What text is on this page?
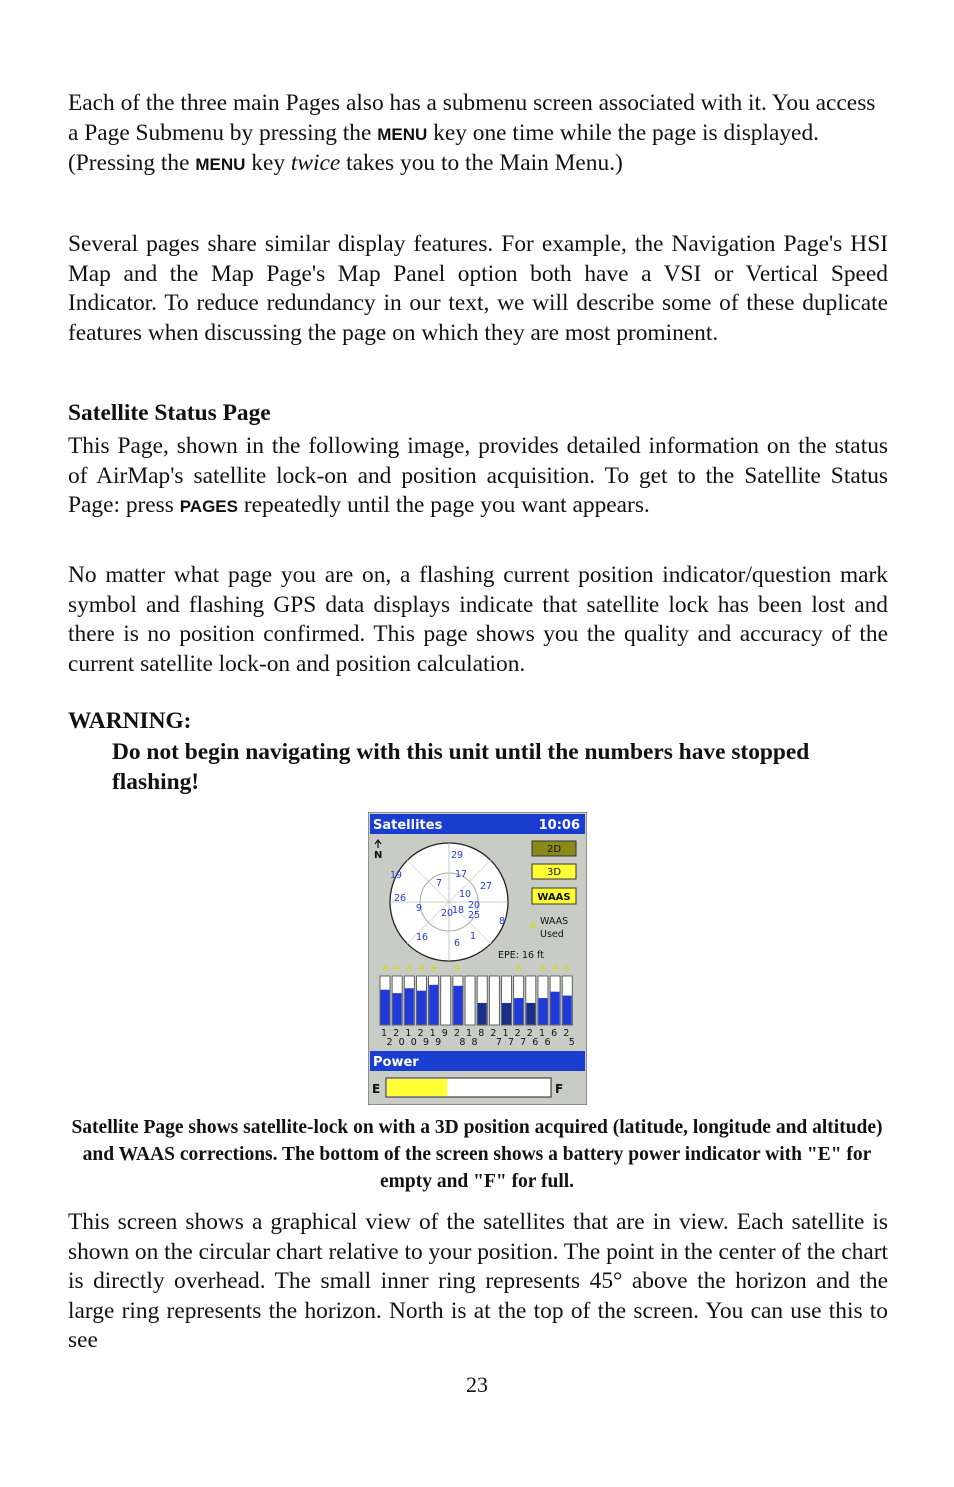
Each of the three main Pages also has a submenu screen associated with it. You access a Page Submenu by pressing the MENU key one time while the page is displayed. (Pressing the MENU key twice takes you to the Main Menu.)

Several pages share similar display features. For example, the Navigation Page's HSI Map and the Map Page's Map Panel option both have a VSI or Vertical Speed Indicator. To reduce redundancy in our text, we will describe some of these duplicate features when discussing the page on which they are most prominent.

Satellite Status Page

This Page, shown in the following image, provides detailed information on the status of AirMap's satellite lock-on and position acquisition. To get to the Satellite Status Page: press PAGES repeatedly until the page you want appears.

No matter what page you are on, a flashing current position indicator/question mark symbol and flashing GPS data displays indicate that satellite lock has been lost and there is no position confirmed. This page shows you the quality and accuracy of the current satellite lock-on and position calculation.

WARNING:

Do not begin navigating with this unit until the numbers have stopped flashing!

Satellites	10:06
N	29
19	17
7	27
10
26
9 20
18 20
25
8
16
6
1
2D
3D
WAAS
* WAAS
Used
EPE: 16 ft
*
1
2
*
2
0
*
1
0
*
2
9
*
1
9
9
*
2
8
1
8
8 2
7
1
7
*
2
7
2
6
*
1
6
*
6
*
2
5
Power
E	F

Satellite Page shows satellite-lock on with a 3D position acquired (latitude, longitude and altitude) and WAAS corrections. The bottom of the screen shows a battery power indicator with "E" for empty and "F" for full.

This screen shows a graphical view of the satellites that are in view. Each satellite is shown on the circular chart relative to your position. The point in the center of the chart is directly overhead. The small inner ring represents 45° above the horizon and the large ring represents the horizon. North is at the top of the screen. You can use this to see

23
